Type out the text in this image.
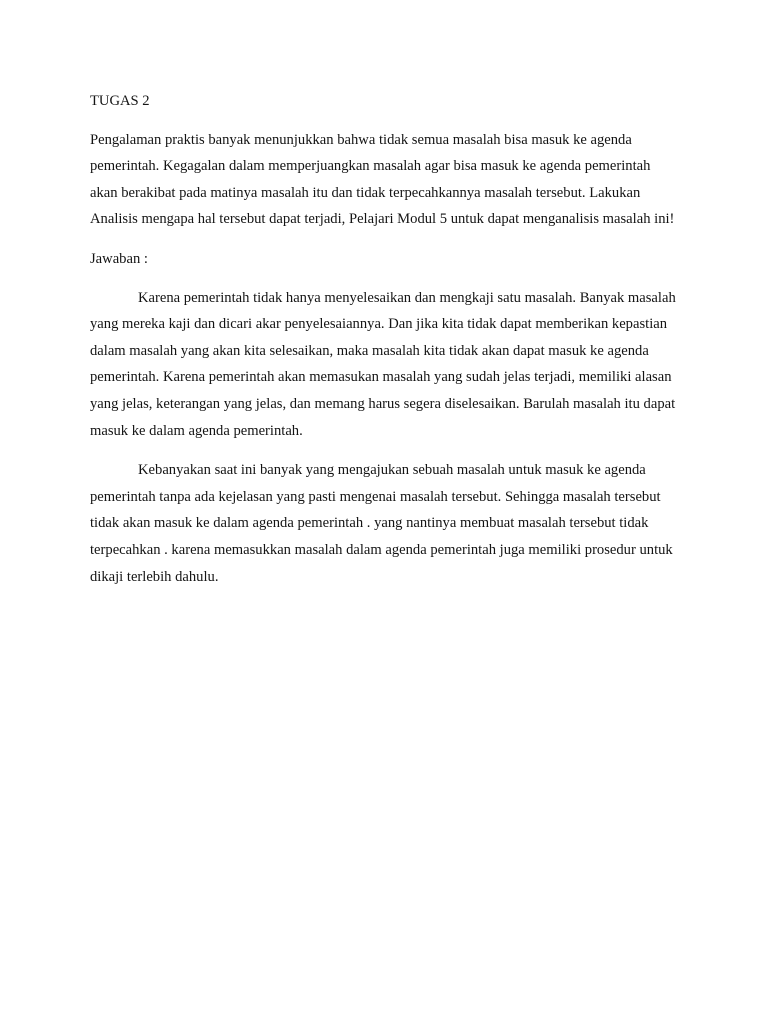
TUGAS 2

Pengalaman praktis banyak menunjukkan bahwa tidak semua masalah bisa masuk ke agenda pemerintah. Kegagalan dalam memperjuangkan masalah agar bisa masuk ke agenda pemerintah akan berakibat pada matinya masalah itu dan tidak terpecahkannya masalah tersebut. Lakukan Analisis mengapa hal tersebut dapat terjadi, Pelajari Modul 5 untuk dapat menganalisis masalah ini!

Jawaban :

Karena pemerintah tidak hanya menyelesaikan dan mengkaji satu masalah. Banyak masalah yang mereka kaji dan dicari akar penyelesaiannya. Dan jika kita tidak dapat memberikan kepastian dalam masalah yang akan kita selesaikan, maka masalah kita tidak akan dapat masuk ke agenda pemerintah. Karena pemerintah akan memasukan masalah yang sudah jelas terjadi, memiliki alasan yang jelas, keterangan yang jelas, dan memang harus segera diselesaikan. Barulah masalah itu dapat masuk ke dalam agenda pemerintah.

Kebanyakan saat ini banyak yang mengajukan sebuah masalah untuk masuk ke agenda pemerintah tanpa ada kejelasan yang pasti mengenai masalah tersebut. Sehingga masalah tersebut tidak akan masuk ke dalam agenda pemerintah . yang nantinya membuat masalah tersebut tidak terpecahkan . karena memasukkan masalah dalam agenda pemerintah juga memiliki prosedur untuk dikaji terlebih dahulu.
